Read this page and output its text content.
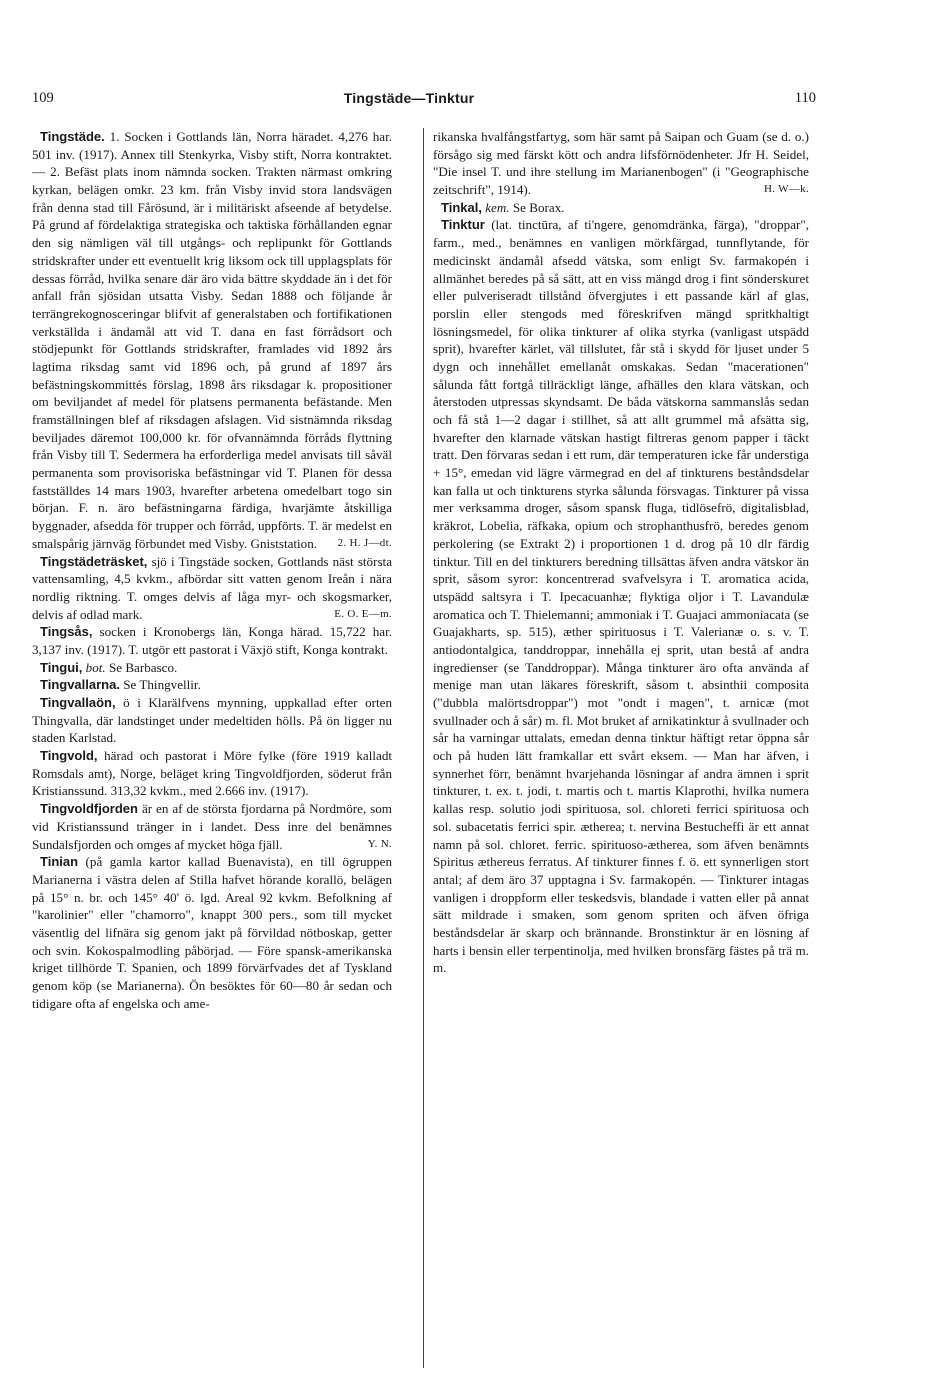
109	Tingstäde—Tinktur	110

Tingstäde. 1. Socken i Gottlands län, Norra häradet. 4,276 har. 501 inv. (1917). Annex till Stenkyrka, Visby stift, Norra kontraktet. — 2. Befäst plats inom nämnda socken. Trakten närmast omkring kyrkan, belägen omkr. 23 km. från Visby invid stora landsvägen från denna stad till Fårösund, är i militäriskt afseende af betydelse. På grund af fördelaktiga strategiska och taktiska förhållanden egnar den sig nämligen väl till utgångs- och replipunkt för Gottlands stridskrafter under ett eventuellt krig liksom ock till upplagsplats för dessas förråd, hvilka senare där äro vida bättre skyddade än i det för anfall från sjösidan utsatta Visby. Sedan 1888 och följande år terrängrekognosceringar blifvit af generalstaben och fortifikationen verkställda i ändamål att vid T. dana en fast förrådsort och stödjepunkt för Gottlands stridskrafter, framlades vid 1892 års lagtima riksdag samt vid 1896 och, på grund af 1897 års befästningskommittés förslag, 1898 års riksdagar k. propositioner om beviljandet af medel för platsens permanenta befästande. Men framställningen blef af riksdagen afslagen. Vid sistnämnda riksdag beviljades däremot 100,000 kr. för ofvannämnda förråds flyttning från Visby till T. Sedermera ha erforderliga medel anvisats till såväl permanenta som provisoriska befästningar vid T. Planen för dessa fastställdes 14 mars 1903, hvarefter arbetena omedelbart togo sin början. F. n. äro befästningarna färdiga, hvarjämte åtskilliga byggnader, afsedda för trupper och förråd, uppförts. T. är medelst en smalspårig järnväg förbundet med Visby. Gniststation.	2. H. J—dt.

Tingstädeträsket, sjö i Tingstäde socken, Gottlands näst största vattensamling, 4,5 kvkm., afbördar sitt vatten genom Ireån i nära nordlig riktning. T. omges delvis af låga myr- och skogsmarker, delvis af odlad mark.	E. O. E—m.

Tingsås, socken i Kronobergs län, Konga härad. 15,722 har. 3,137 inv. (1917). T. utgör ett pastorat i Växjö stift, Konga kontrakt.

Tingui, bot. Se Barbasco.

Tingvallarna. Se Thingvellir.

Tingvallaön, ö i Klarälfvens mynning, uppkallad efter orten Thingvalla, där landstinget under medeltiden hölls. På ön ligger nu staden Karlstad.

Tingvold, härad och pastorat i Möre fylke (före 1919 kalladt Romsdals amt), Norge, beläget kring Tingvoldfjorden, söderut från Kristianssund. 313,32 kvkm., med 2.666 inv. (1917).

Tingvoldfjorden är en af de största fjordarna på Nordmöre, som vid Kristianssund tränger in i landet. Dess inre del benämnes Sundalsfjorden och omges af mycket höga fjäll.	Y. N.

Tinian (på gamla kartor kallad Buenavista), en till ögruppen Marianerna i västra delen af Stilla hafvet hörande korallö, belägen på 15° n. br. och 145° 40' ö. lgd. Areal 92 kvkm. Befolkning af "karolinier" eller "chamorro", knappt 300 pers., som till mycket väsentlig del lifnära sig genom jakt på förvildad nötboskap, getter och svin. Kokospalmodling påbörjad. — Före spansk-amerikanska kriget tillhörde T. Spanien, och 1899 förvärfvades det af Tyskland genom köp (se Marianerna). Ön besöktes för 60—80 år sedan och tidigare ofta af engelska och ame-

rikanska hvalfångstfartyg, som här samt på Saipan och Guam (se d. o.) försågo sig med färskt kött och andra lifsförnödenheter. Jfr H. Seidel, "Die insel T. und ihre stellung im Marianenbogen" (i "Geographische zeitschrift", 1914).	H. W—k.

Tinkal, kem. Se Borax.

Tinktur (lat. tinctūra, af ti'ngere, genomdränka, färga), "droppar", farm., med., benämnes en vanligen mörkfärgad, tunnflytande, för medicinskt ändamål afsedd vätska, som enligt Sv. farmakopén i allmänhet beredes på så sätt, att en viss mängd drog i fint sönderskuret eller pulveriseradt tillstånd öfvergjutes i ett passande kärl af glas, porslin eller stengods med föreskrifven mängd spritkhaltigt lösningsmedel, för olika tinkturer af olika styrka (vanligast utspädd sprit), hvarefter kärlet, väl tillslutet, får stå i skydd för ljuset under 5 dygn och innehållet emellanåt omskakas. Sedan "macerationen" sålunda fått fortgå tillräckligt länge, afhälles den klara vätskan, och återstoden utpressas skyndsamt. De båda vätskorna sammanslås sedan och få stå 1—2 dagar i stillhet, så att allt grummel må afsätta sig, hvarefter den klarnade vätskan hastigt filtreras genom papper i täckt tratt. Den förvaras sedan i ett rum, där temperaturen icke får understiga + 15°, emedan vid lägre värmegrad en del af tinkturens beståndsdelar kan falla ut och tinkturens styrka sålunda försvagas. Tinkturer på vissa mer verksamma droger, såsom spansk fluga, tidlösefrö, digitalisblad, kräkrot, Lobelia, räfkaka, opium och strophanthusfrö, beredes genom perkolering (se Extrakt 2) i proportionen 1 d. drog på 10 dlr färdig tinktur. Till en del tinkturers beredning tillsättas äfven andra vätskor än sprit, såsom syror: koncentrerad svafvelsyra i T. aromatica acida, utspädd saltsyra i T. Ipecacuanhæ; flyktiga oljor i T. Lavandulæ aromatica och T. Thielemanni; ammoniak i T. Guajaci ammoniacata (se Guajakharts, sp. 515), æther spirituosus i T. Valerianæ o. s. v. T. antiodontalgica, tanddroppar, innehålla ej sprit, utan bestå af andra ingredienser (se Tanddroppar). Många tinkturer äro ofta använda af menige man utan läkares föreskrift, såsom t. absinthii composita ("dubbla malörtsdroppar") mot "ondt i magen", t. arnicæ (mot svullnader och å sår) m. fl. Mot bruket af arnikatinktur å svullnader och sår ha varningar uttalats, emedan denna tinktur häftigt retar öppna sår och på huden lätt framkallar ett svårt eksem. — Man har äfven, i synnerhet förr, benämnt hvarjehanda lösningar af andra ämnen i sprit tinkturer, t. ex. t. jodi, t. martis och t. martis Klaprothi, hvilka numera kallas resp. solutio jodi spirituosa, sol. chloreti ferrici spirituosa och sol. subacetatis ferrici spir. ætherea; t. nervina Bestucheffi är ett annat namn på sol. chloret. ferric. spirituoso-ætherea, som äfven benämnts Spiritus æthereus ferratus. Af tinkturer finnes f. ö. ett synnerligen stort antal; af dem äro 37 upptagna i Sv. farmakopén. — Tinkturer intagas vanligen i droppform eller teskedsvis, blandade i vatten eller på annat sätt mildrade i smaken, som genom spriten och äfven öfriga beståndsdelar är skarp och brännande. Bronstinktur är en lösning af harts i bensin eller terpentinolja, med hvilken bronsfärg fästes på trä m. m.
